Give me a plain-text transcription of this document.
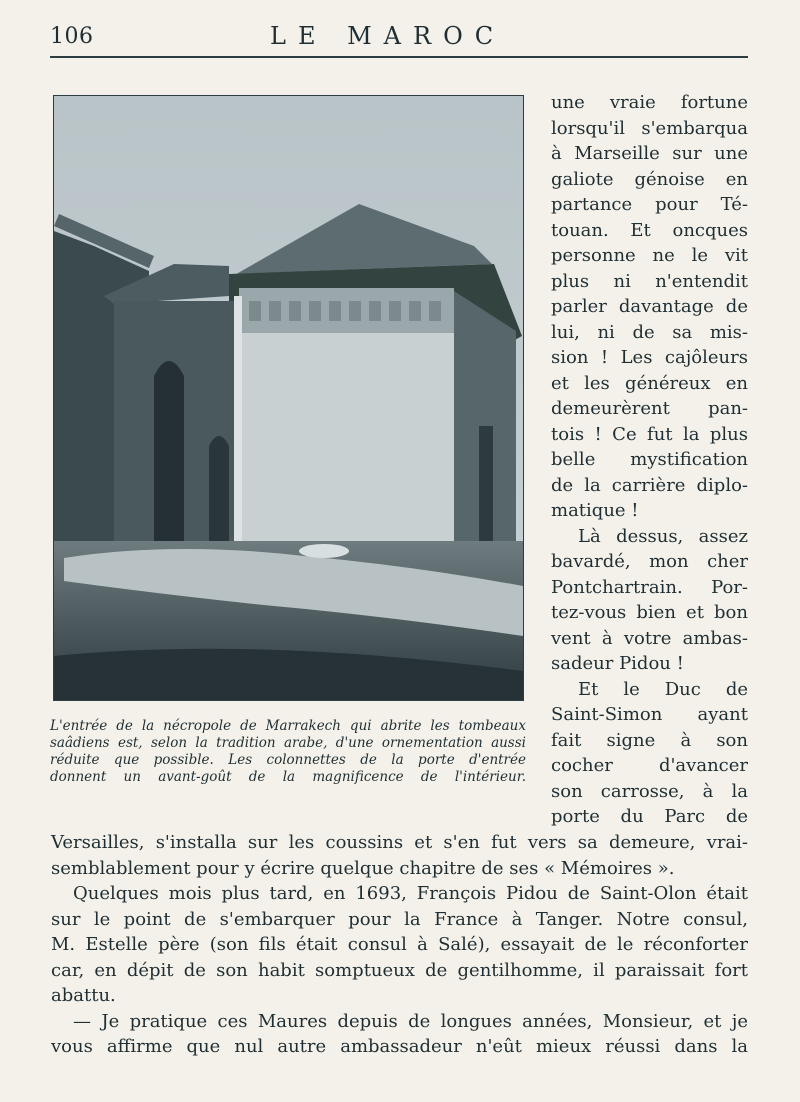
106	LE MAROC
L'entrée de la nécropole de Marrakech qui abrite les tombeaux
saâdiens est, selon la tradition arabe, d'une ornementation aussi
réduite que possible. Les colonnettes de la porte d'entrée
donnent un avant-goût de la magnificence de l'intérieur.
une vraie fortune
lorsqu'il s'embarqua
à Marseille sur une
galiote génoise en
partance pour Té-
touan. Et oncques
personne ne le vit
plus ni n'entendit
parler davantage de
lui, ni de sa mis-
sion ! Les cajôleurs
et les généreux en
demeurèrent pan-
tois ! Ce fut la plus
belle mystification
de la carrière diplo-
matique !
Là dessus, assez
bavardé, mon cher
Pontchartrain. Por-
tez-vous bien et bon
vent à votre ambas-
sadeur Pidou !
Et le Duc de
Saint-Simon ayant
fait signe à son
cocher d'avancer
son carrosse, à la
porte du Parc de
Versailles, s'installa sur les coussins et s'en fut vers sa demeure, vrai-
semblablement pour y écrire quelque chapitre de ses « Mémoires ».
Quelques mois plus tard, en 1693, François Pidou de Saint-Olon était
sur le point de s'embarquer pour la France à Tanger. Notre consul,
M. Estelle père (son fils était consul à Salé), essayait de le réconforter
car, en dépit de son habit somptueux de gentilhomme, il paraissait fort
abattu.
— Je pratique ces Maures depuis de longues années, Monsieur, et je
vous affirme que nul autre ambassadeur n'eût mieux réussi dans la
